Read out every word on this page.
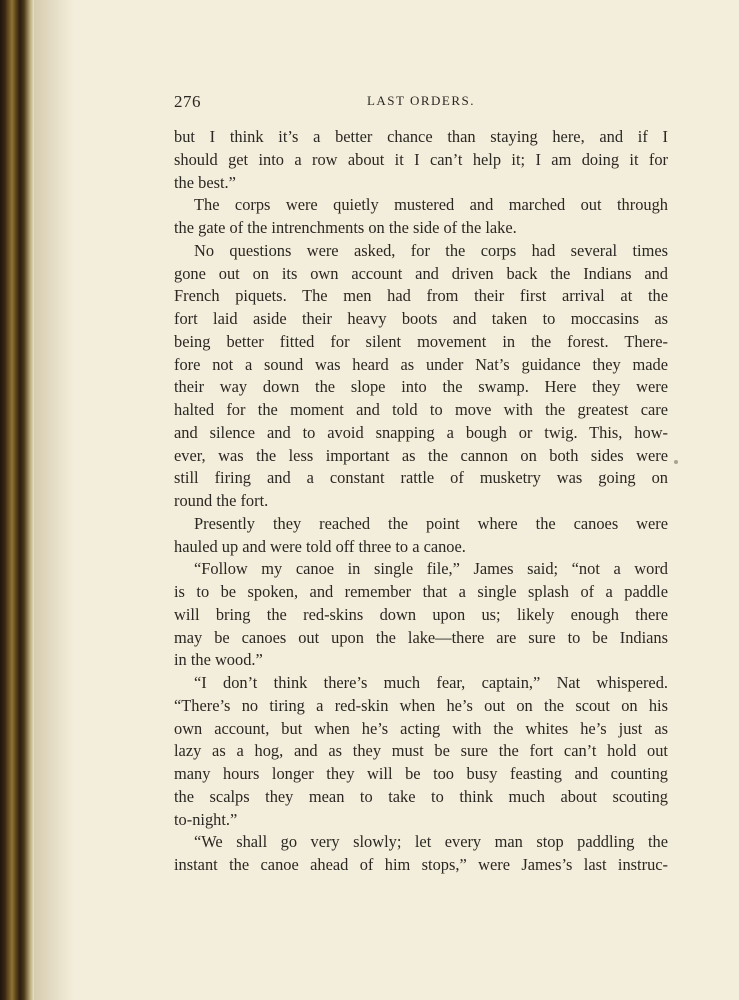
276	LAST ORDERS.
but I think it’s a better chance than staying here, and if I
should get into a row about it I can’t help it; I am doing it for
the best.”
The corps were quietly mustered and marched out through
the gate of the intrenchments on the side of the lake.
No questions were asked, for the corps had several times
gone out on its own account and driven back the Indians and
French piquets. The men had from their first arrival at the
fort laid aside their heavy boots and taken to moccasins as
being better fitted for silent movement in the forest. There-
fore not a sound was heard as under Nat’s guidance they made
their way down the slope into the swamp. Here they were
halted for the moment and told to move with the greatest care
and silence and to avoid snapping a bough or twig. This, how-
ever, was the less important as the cannon on both sides were
still firing and a constant rattle of musketry was going on
round the fort.
Presently they reached the point where the canoes were
hauled up and were told off three to a canoe.
“Follow my canoe in single file,” James said; “not a word
is to be spoken, and remember that a single splash of a paddle
will bring the red-skins down upon us; likely enough there
may be canoes out upon the lake—there are sure to be Indians
in the wood.”
“I don’t think there’s much fear, captain,” Nat whispered.
“There’s no tiring a red-skin when he’s out on the scout on his
own account, but when he’s acting with the whites he’s just as
lazy as a hog, and as they must be sure the fort can’t hold out
many hours longer they will be too busy feasting and counting
the scalps they mean to take to think much about scouting
to-night.”
“We shall go very slowly; let every man stop paddling the
instant the canoe ahead of him stops,” were James’s last instruc-
